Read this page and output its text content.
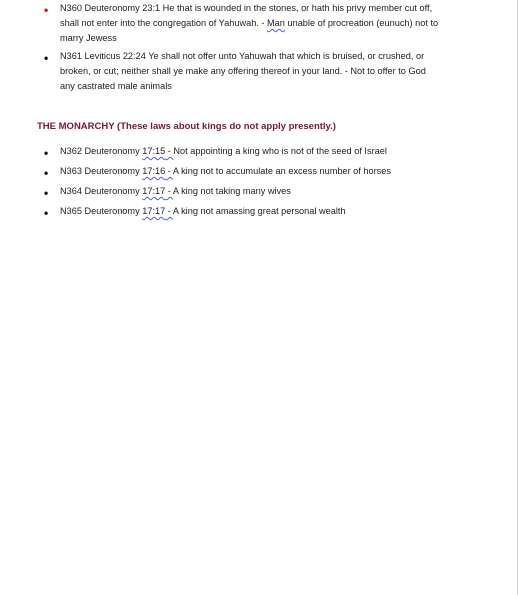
•	N360 Deuteronomy 23:1 He that is wounded in the stones, or hath his privy member cut off,
shall not enter into the congregation of Yahuwah. - Man unable of procreation (eunuch) not to
marry Jewess
•	N361 Leviticus 22:24 Ye shall not offer unto Yahuwah that which is bruised, or crushed, or
broken, or cut; neither shall ye make any offering thereof in your land. - Not to offer to God
any castrated male animals
THE MONARCHY (These laws about kings do not apply presently.)
•	N362 Deuteronomy 17:15 - Not appointing a king who is not of the seed of Israel
•	N363 Deuteronomy 17:16 - A king not to accumulate an excess number of horses
•	N364 Deuteronomy 17:17 - A king not taking many wives
•	N365 Deuteronomy 17:17 - A king not amassing great personal wealth
